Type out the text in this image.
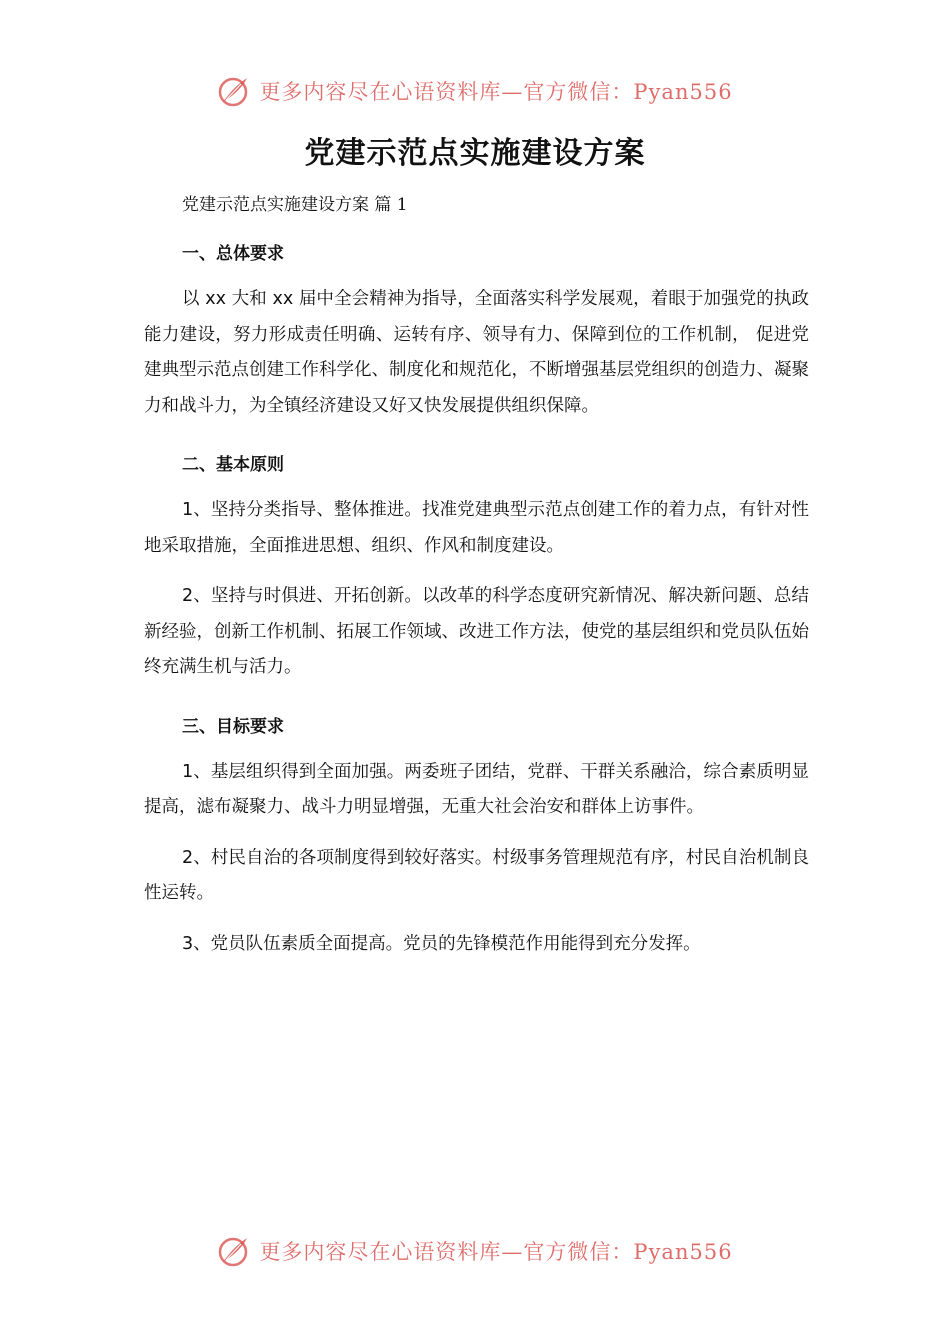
更多内容尽在心语资料库—官方微信：Pyan556
党建示范点实施建设方案
党建示范点实施建设方案 篇 1
一、总体要求

以 xx 大和 xx 届中全会精神为指导，全面落实科学发展观，着眼于加强党的执政能力建设，努力形成责任明确、运转有序、领导有力、保障到位的工作机制， 促进党建典型示范点创建工作科学化、制度化和规范化，不断增强基层党组织的创造力、凝聚力和战斗力，为全镇经济建设又好又快发展提供组织保障。

二、基本原则

1、坚持分类指导、整体推进。找准党建典型示范点创建工作的着力点，有针对性地采取措施，全面推进思想、组织、作风和制度建设。

2、坚持与时俱进、开拓创新。以改革的科学态度研究新情况、解决新问题、总结新经验，创新工作机制、拓展工作领域、改进工作方法，使党的基层组织和党员队伍始终充满生机与活力。

三、目标要求

1、基层组织得到全面加强。两委班子团结，党群、干群关系融洽，综合素质明显提高，滤布凝聚力、战斗力明显增强，无重大社会治安和群体上访事件。

2、村民自治的各项制度得到较好落实。村级事务管理规范有序，村民自治机制良性运转。

3、党员队伍素质全面提高。党员的先锋模范作用能得到充分发挥。

更多内容尽在心语资料库—官方微信：Pyan556
